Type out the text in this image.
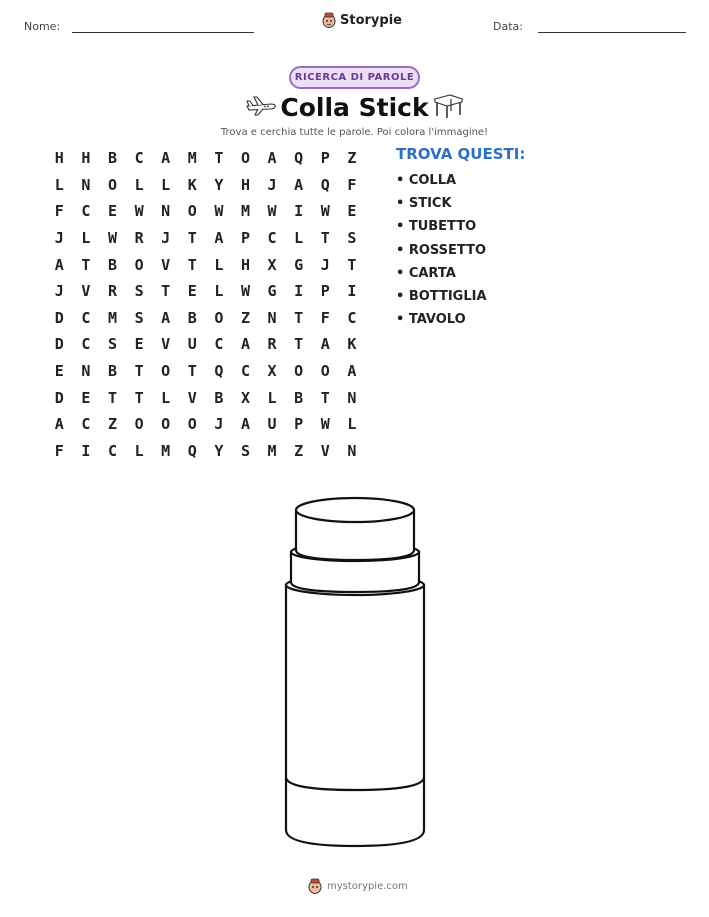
Nome:	Storypie	Data:
RICERCA DI PAROLE
Colla Stick
Trova e cerchia tutte le parole. Poi colora l'immagine!
H	H	B	C	A	M	T	O	A	Q	P	Z
L	N	O	L	L	K	Y	H	J	A	Q	F
F	C	E	W	N	O	W	M	W	I	W	E
J	L	W	R	J	T	A	P	C	L	T	S
A	T	B	O	V	T	L	H	X	G	J	T
J	V	R	S	T	E	L	W	G	I	P	I
D	C	M	S	A	B	O	Z	N	T	F	C
D	C	S	E	V	U	C	A	R	T	A	K
E	N	B	T	O	T	Q	C	X	O	O	A
D	E	T	T	L	V	B	X	L	B	T	N
A	C	Z	O	O	O	J	A	U	P	W	L
F	I	C	L	M	Q	Y	S	M	Z	V	N
TROVA QUESTI:
• COLLA
• STICK
• TUBETTO
• ROSSETTO
• CARTA
• BOTTIGLIA
• TAVOLO
mystorypie.com
